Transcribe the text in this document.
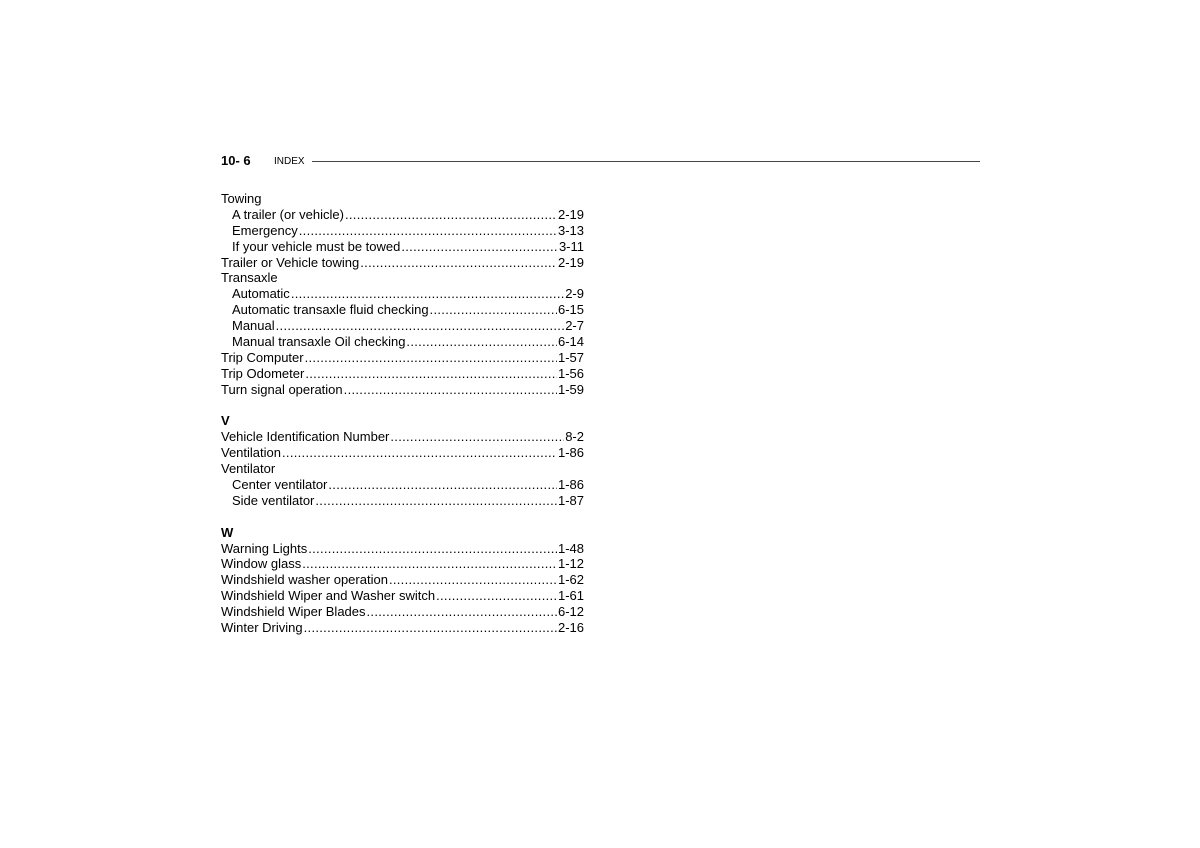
10- 6 INDEX
Towing
A trailer (or vehicle) .....	2-19
Emergency .....	3-13
If your vehicle must be towed .....	3-11
Trailer or Vehicle towing .....	2-19
Transaxle
Automatic .....	2-9
Automatic transaxle fluid checking .....	6-15
Manual .....	2-7
Manual transaxle Oil checking .....	6-14
Trip Computer .....	1-57
Trip Odometer .....	1-56
Turn signal operation .....	1-59
V
Vehicle Identification Number .....	8-2
Ventilation .....	1-86
Ventilator
Center ventilator .....	1-86
Side ventilator .....	1-87
W
Warning Lights .....	1-48
Window glass .....	1-12
Windshield washer operation .....	1-62
Windshield Wiper and Washer switch .....	1-61
Windshield Wiper Blades .....	6-12
Winter Driving .....	2-16
